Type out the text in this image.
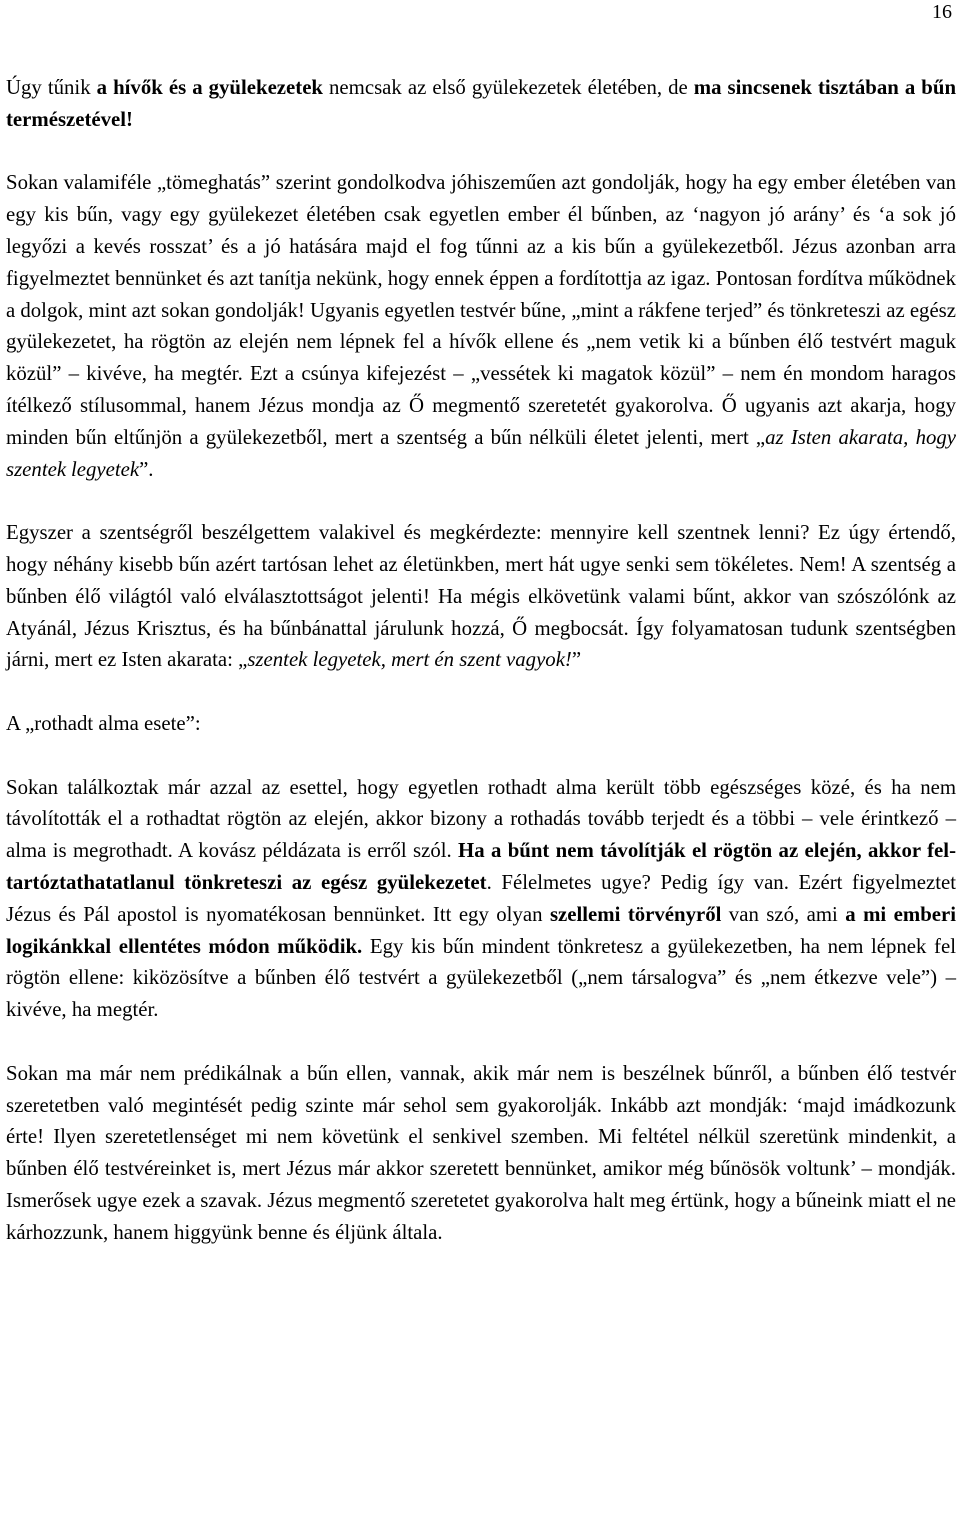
16

Úgy tűnik a hívők és a gyülekezetek nemcsak az első gyülekezetek életében, de ma sincsenek tisztában a bűn természetével!

Sokan valamiféle „tömeghatás” szerint gondolkodva jóhiszeműen azt gondolják, hogy ha egy ember életében van egy kis bűn, vagy egy gyülekezet életében csak egyetlen ember él bűnben, az ‘nagyon jó arány’ és ‘a sok jó legyőzi a kevés rosszat’ és a jó hatására majd el fog tűnni az a kis bűn a gyülekezetből. Jézus azonban arra figyelmeztet bennünket és azt tanítja nekünk, hogy ennek éppen a fordítottja az igaz. Pontosan fordítva működnek a dolgok, mint azt sokan gondolják! Ugyanis egyetlen testvér bűne, „mint a rákfene terjed” és tönkreteszi az egész gyülekezetet, ha rögtön az elején nem lépnek fel a hívők ellene és „nem vetik ki a bűnben élő testvért maguk közül” – kivéve, ha megtér. Ezt a csúnya kifejezést – „vessétek ki magatok közül” – nem én mondom haragos ítélkező stílusommal, hanem Jézus mondja az Ő megmentő szeretetét gyakorolva. Ő ugyanis azt akarja, hogy minden bűn eltűnjön a gyülekezetből, mert a szentség a bűn nélküli életet jelenti, mert „az Isten akarata, hogy szentek legyetek”.

Egyszer a szentségről beszélgettem valakivel és megkérdezte: mennyire kell szentnek lenni? Ez úgy értendő, hogy néhány kisebb bűn azért tartósan lehet az életünkben, mert hát ugye senki sem tökéletes. Nem! A szentség a bűnben élő világtól való elválasztottságot jelenti! Ha mégis elkövetünk valami bűnt, akkor van szószólónk az Atyánál, Jézus Krisztus, és ha bűnbánattal járulunk hozzá, Ő megbocsát. Így folyamatosan tudunk szentségben járni, mert ez Isten akarata: „szentek legyetek, mert én szent vagyok!”

A „rothadt alma esete”:

Sokan találkoztak már azzal az esettel, hogy egyetlen rothadt alma került több egészséges közé, és ha nem távolították el a rothadtat rögtön az elején, akkor bizony a rothadás tovább terjedt és a többi – vele érintkező – alma is megrothadt. A kovász példázata is erről szól. Ha a bűnt nem távolítják el rögtön az elején, akkor feltartóztathatatlanul tönkreteszi az egész gyülekezetet. Félelmetes ugye? Pedig így van. Ezért figyelmeztet Jézus és Pál apostol is nyomatékosan bennünket. Itt egy olyan szellemi törvényről van szó, ami a mi emberi logikánkkal ellentétes módon működik. Egy kis bűn mindent tönkretesz a gyülekezetben, ha nem lépnek fel rögtön ellene: kiközösítve a bűnben élő testvért a gyülekezetből („nem társalogva” és „nem étkezve vele”) – kivéve, ha megtér.

Sokan ma már nem prédikálnak a bűn ellen, vannak, akik már nem is beszélnek bűnről, a bűnben élő testvér szeretetben való megintését pedig szinte már sehol sem gyakorolják. Inkább azt mondják: ‘majd imádkozunk érte! Ilyen szeretetlenséget mi nem követünk el senkivel szemben. Mi feltétel nélkül szeretünk mindenkit, a bűnben élő testvéreinket is, mert Jézus már akkor szeretett bennünket, amikor még bűnösök voltunk’ – mondják. Ismerősek ugye ezek a szavak. Jézus megmentő szeretetet gyakorolva halt meg értünk, hogy a bűneink miatt el ne kárhozzunk, hanem higgyünk benne és éljünk általa.
